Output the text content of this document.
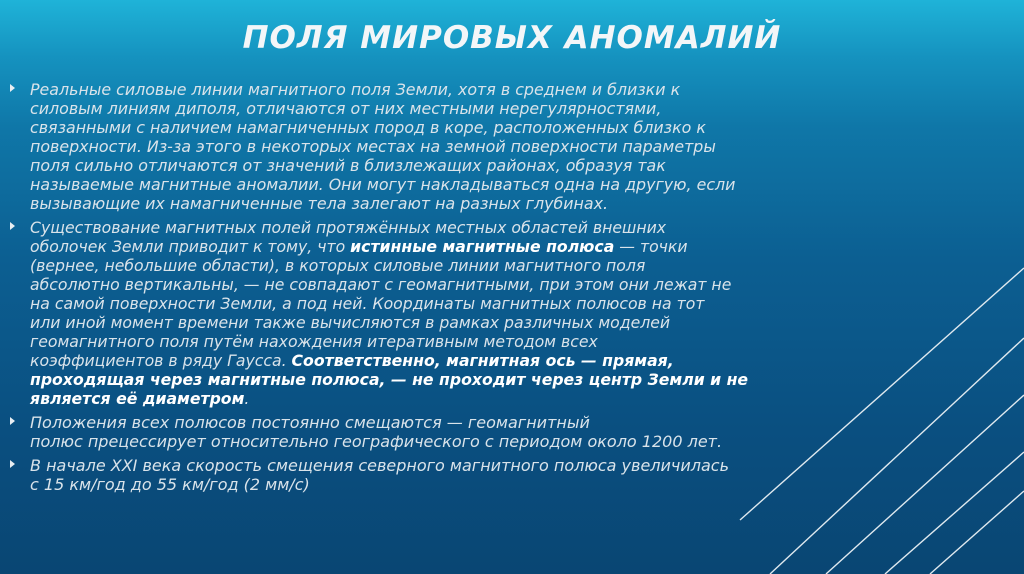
ПОЛЯ МИРОВЫХ АНОМАЛИЙ
Реальные силовые линии магнитного поля Земли, хотя в среднем и близки к
силовым линиям диполя, отличаются от них местными нерегулярностями,
связанными с наличием намагниченных пород в коре, расположенных близко к
поверхности. Из-за этого в некоторых местах на земной поверхности параметры
поля сильно отличаются от значений в близлежащих районах, образуя так
называемые магнитные аномалии. Они могут накладываться одна на другую, если
вызывающие их намагниченные тела залегают на разных глубинах.
Существование магнитных полей протяжённых местных областей внешних
оболочек Земли приводит к тому, что истинные магнитные полюса — точки
(вернее, небольшие области), в которых силовые линии магнитного поля
абсолютно вертикальны, — не совпадают с геомагнитными, при этом они лежат не
на самой поверхности Земли, а под ней. Координаты магнитных полюсов на тот
или иной момент времени также вычисляются в рамках различных моделей
геомагнитного поля путём нахождения итеративным методом всех
коэффициентов в ряду Гаусса. Соответственно, магнитная ось — прямая,
проходящая через магнитные полюса, — не проходит через центр Земли и не
является её диаметром.
Положения всех полюсов постоянно смещаются — геомагнитный
полюс прецессирует относительно географического с периодом около 1200 лет.
В начале XXI века скорость смещения северного магнитного полюса увеличилась
с 15 км/год до 55 км/год (2 мм/с)
